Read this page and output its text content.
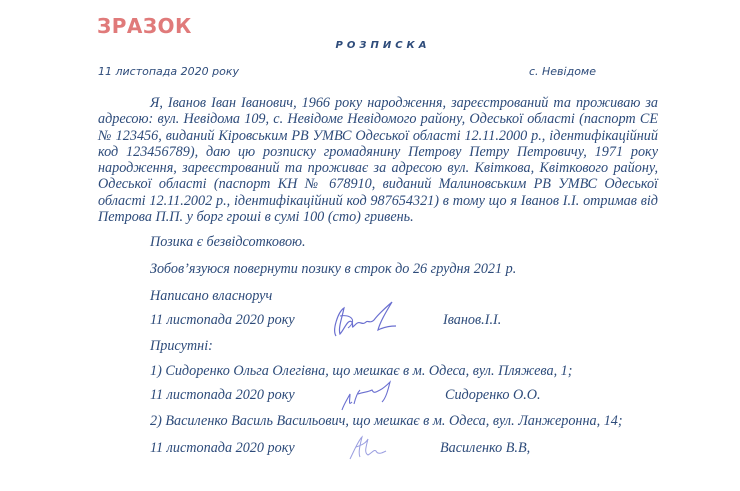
ЗРАЗОК
РОЗПИСКА
11 листопада 2020 року	с. Невідоме
Я, Іванов Іван Іванович, 1966 року народження, зареєстрований та проживаю за адресою: вул. Невідома 109, с. Невідоме Невідомого району, Одеської області (паспорт СЕ № 123456, виданий Кіровським РВ УМВС Одеської області 12.11.2000 р., ідентифікаційний код 123456789), даю цю розписку громадянину Петрову Петру Петровичу, 1971 року народження, зареєстрований та проживає за адресою вул. Квіткова, Квіткового району, Одеської області (паспорт КН № 678910, виданий Малиновським РВ УМВС Одеської області 12.11.2002 р., ідентифікаційний код 987654321) в тому що я Іванов І.І. отримав від Петрова П.П. у борг гроші в сумі 100 (сто) гривень.
Позика є безвідсотковою.
Зобов’язуюся повернути позику в строк до 26 грудня 2021 р.
Написано власноруч
11 листопада 2020 року	Іванов.І.І.
Присутні:
1) Сидоренко Ольга Олегівна, що мешкає в м. Одеса, вул. Пляжева, 1;
11 листопада 2020 року	Сидоренко О.О.
2) Василенко Василь Васильович, що мешкає в м. Одеса, вул. Ланжеронна, 14;
11 листопада 2020 року	Василенко В.В,
